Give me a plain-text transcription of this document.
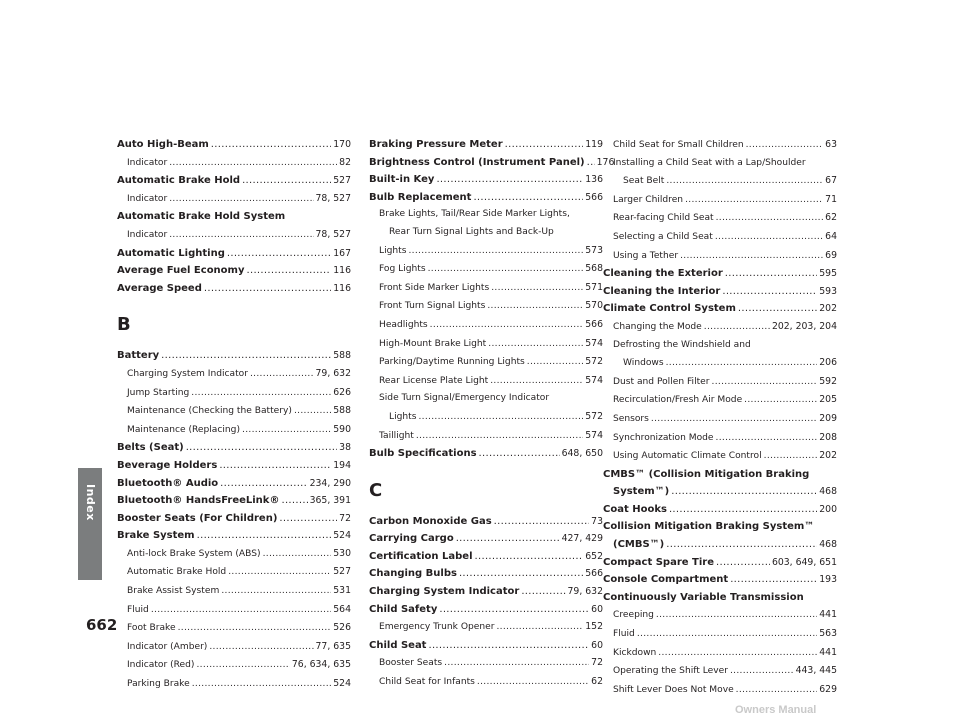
Auto High-Beam .....	170
Indicator .....	82
Automatic Brake Hold .....	527
Indicator .....	78, 527
Automatic Brake Hold System
Indicator .....	78, 527
Automatic Lighting .....	167
Average Fuel Economy .....	116
Average Speed .....	116
B
Battery .....	588
Charging System Indicator .....	79, 632
Jump Starting .....	626
Maintenance (Checking the Battery) .....	588
Maintenance (Replacing) .....	590
Belts (Seat) .....	38
Beverage Holders .....	194
Bluetooth® Audio .....	234, 290
Bluetooth® HandsFreeLink® .....	365, 391
Booster Seats (For Children) .....	72
Brake System .....	524
Anti-lock Brake System (ABS) .....	530
Automatic Brake Hold .....	527
Brake Assist System .....	531
Fluid .....	564
Foot Brake .....	526
Indicator (Amber) .....	77, 635
Indicator (Red) .....	76, 634, 635
Parking Brake .....	524
Braking Pressure Meter .....	119
Brightness Control (Instrument Panel) ..... 176
Built-in Key .....	136
Bulb Replacement .....	566
Brake Lights, Tail/Rear Side Marker Lights,
Rear Turn Signal Lights and Back-Up
Lights .....	573
Fog Lights .....	568
Front Side Marker Lights .....	571
Front Turn Signal Lights .....	570
Headlights .....	566
High-Mount Brake Light .....	574
Parking/Daytime Running Lights .....	572
Rear License Plate Light .....	574
Side Turn Signal/Emergency Indicator
Lights .....	572
Taillight .....	574
Bulb Specifications .....	648, 650
C
Carbon Monoxide Gas .....	73
Carrying Cargo .....	427, 429
Certification Label .....	652
Changing Bulbs .....	566
Charging System Indicator .....	79, 632
Child Safety .....	60
Emergency Trunk Opener .....	152
Child Seat .....	60
Booster Seats .....	72
Child Seat for Infants .....	62
Child Seat for Small Children .....	63
Installing a Child Seat with a Lap/Shoulder
Seat Belt .....	67
Larger Children .....	71
Rear-facing Child Seat .....	62
Selecting a Child Seat .....	64
Using a Tether .....	69
Cleaning the Exterior .....	595
Cleaning the Interior .....	593
Climate Control System .....	202
Changing the Mode .....	202, 203, 204
Defrosting the Windshield and
Windows .....	206
Dust and Pollen Filter .....	592
Recirculation/Fresh Air Mode .....	205
Sensors .....	209
Synchronization Mode .....	208
Using Automatic Climate Control .....	202
CMBS™ (Collision Mitigation Braking
System™) .....	468
Coat Hooks .....	200
Collision Mitigation Braking System™
(CMBS™) .....	468
Compact Spare Tire .....	603, 649, 651
Console Compartment .....	193
Continuously Variable Transmission
Creeping .....	441
Fluid .....	563
Kickdown .....	441
Operating the Shift Lever .....	443, 445
Shift Lever Does Not Move .....	629
Index
662
Owners Manual
